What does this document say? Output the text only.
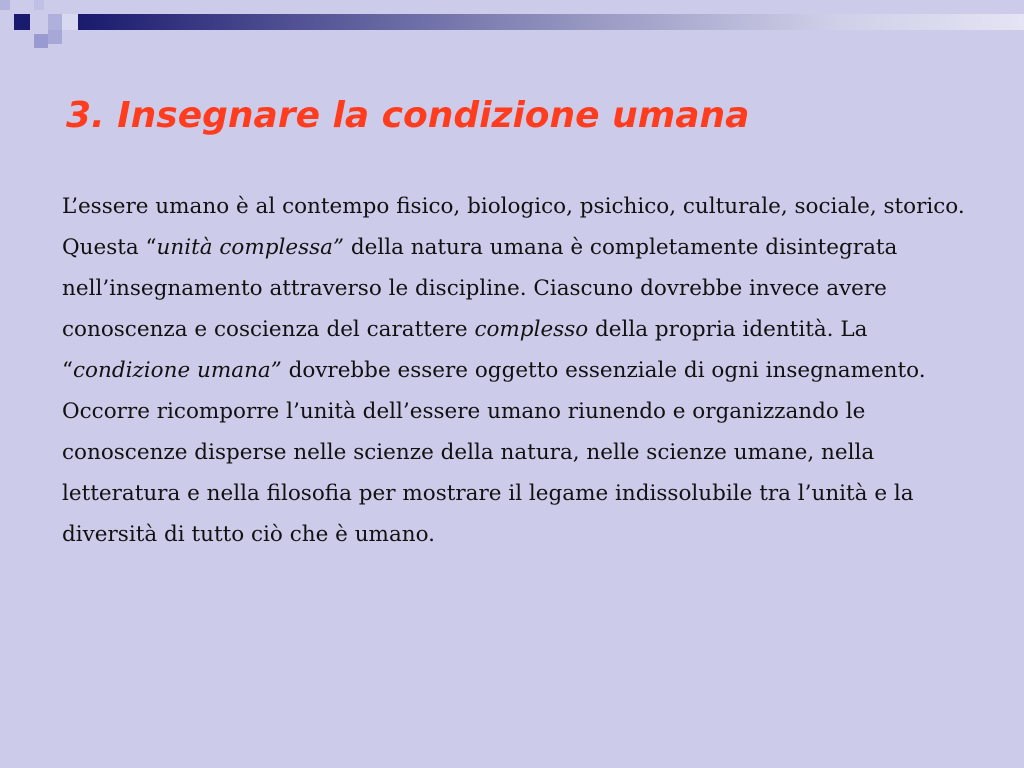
3. Insegnare la condizione umana

L’essere umano è al contempo fisico, biologico, psichico, culturale, sociale, storico. Questa “unità complessa” della natura umana è completamente disintegrata nell’insegnamento attraverso le discipline. Ciascuno dovrebbe invece avere conoscenza e coscienza del carattere complesso della propria identità. La “condizione umana” dovrebbe essere oggetto essenziale di ogni insegnamento.

Occorre ricomporre l’unità dell’essere umano riunendo e organizzando le conoscenze disperse nelle scienze della natura, nelle scienze umane, nella letteratura e nella filosofia per mostrare il legame indissolubile tra l’unità e la diversità di tutto ciò che è umano.
